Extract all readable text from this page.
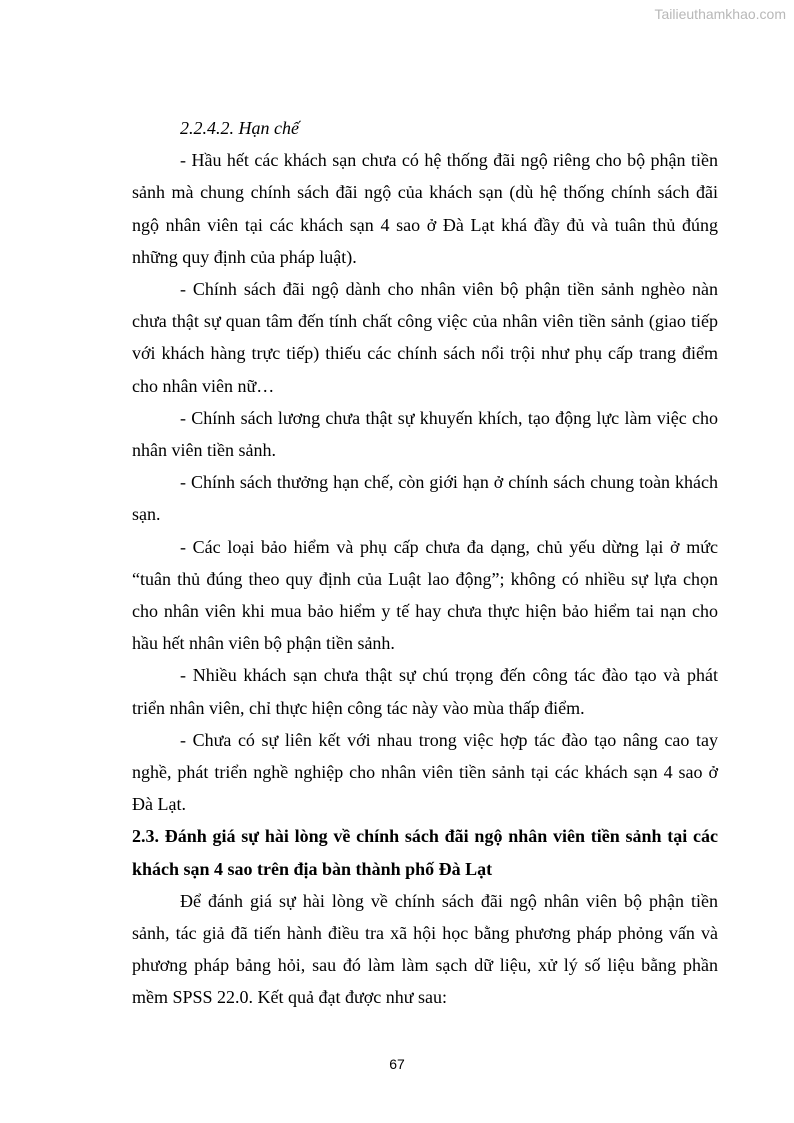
Tailieuthamkhao.com

2.2.4.2. Hạn chế

- Hầu hết các khách sạn chưa có hệ thống đãi ngộ riêng cho bộ phận tiền sảnh mà chung chính sách đãi ngộ của khách sạn (dù hệ thống chính sách đãi ngộ nhân viên tại các khách sạn 4 sao ở Đà Lạt khá đầy đủ và tuân thủ đúng những quy định của pháp luật).

- Chính sách đãi ngộ dành cho nhân viên bộ phận tiền sảnh nghèo nàn chưa thật sự quan tâm đến tính chất công việc của nhân viên tiền sảnh (giao tiếp với khách hàng trực tiếp) thiếu các chính sách nổi trội như phụ cấp trang điểm cho nhân viên nữ…

- Chính sách lương chưa thật sự khuyến khích, tạo động lực làm việc cho nhân viên tiền sảnh.

- Chính sách thưởng hạn chế, còn giới hạn ở chính sách chung toàn khách sạn.

- Các loại bảo hiểm và phụ cấp chưa đa dạng, chủ yếu dừng lại ở mức “tuân thủ đúng theo quy định của Luật lao động”; không có nhiều sự lựa chọn cho nhân viên khi mua bảo hiểm y tế hay chưa thực hiện bảo hiểm tai nạn cho hầu hết nhân viên bộ phận tiền sảnh.

- Nhiều khách sạn chưa thật sự chú trọng đến công tác đào tạo và phát triển nhân viên, chỉ thực hiện công tác này vào mùa thấp điểm.

- Chưa có sự liên kết với nhau trong việc hợp tác đào tạo nâng cao tay nghề, phát triển nghề nghiệp cho nhân viên tiền sảnh tại các khách sạn 4 sao ở Đà Lạt.

2.3. Đánh giá sự hài lòng về chính sách đãi ngộ nhân viên tiền sảnh tại các khách sạn 4 sao trên địa bàn thành phố Đà Lạt

Để đánh giá sự hài lòng về chính sách đãi ngộ nhân viên bộ phận tiền sảnh, tác giả đã tiến hành điều tra xã hội học bằng phương pháp phỏng vấn và phương pháp bảng hỏi, sau đó làm làm sạch dữ liệu, xử lý số liệu bằng phần mềm SPSS 22.0. Kết quả đạt được như sau:

67
